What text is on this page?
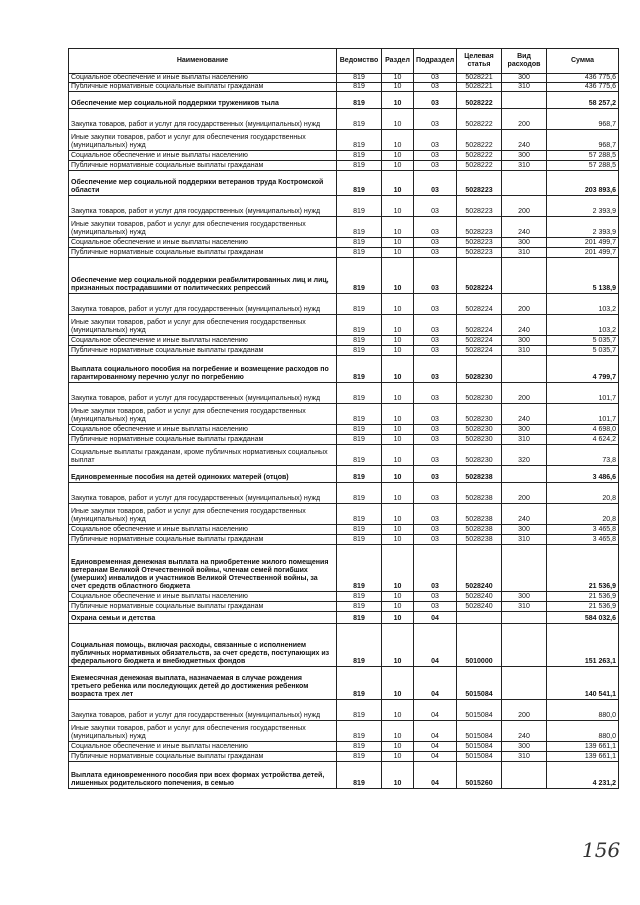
Наименование	Ведомство	Раздел	Подраздел	Целевая статья	Вид расходов	Сумма
Социальное обеспечение и иные выплаты населению	819	10	03	5028221	300	436 775,6
Публичные нормативные социальные выплаты гражданам	819	10	03	5028221	310	436 775,6
Обеспечение мер социальной поддержки тружеников тыла	819	10	03	5028222		58 257,2
Закупка товаров, работ и услуг для государственных (муниципальных) нужд	819	10	03	5028222	200	968,7
Иные закупки товаров, работ и услуг для обеспечения государственных (муниципальных) нужд	819	10	03	5028222	240	968,7
Социальное обеспечение и иные выплаты населению	819	10	03	5028222	300	57 288,5
Публичные нормативные социальные выплаты гражданам	819	10	03	5028222	310	57 288,5
Обеспечение мер социальной поддержки ветеранов труда Костромской области	819	10	03	5028223		203 893,6
Закупка товаров, работ и услуг для государственных (муниципальных) нужд	819	10	03	5028223	200	2 393,9
Иные закупки товаров, работ и услуг для обеспечения государственных (муниципальных) нужд	819	10	03	5028223	240	2 393,9
Социальное обеспечение и иные выплаты населению	819	10	03	5028223	300	201 499,7
Публичные нормативные социальные выплаты гражданам	819	10	03	5028223	310	201 499,7
Обеспечение мер социальной поддержки реабилитированных лиц и лиц, признанных пострадавшими от политических репрессий	819	10	03	5028224		5 138,9
Закупка товаров, работ и услуг для государственных (муниципальных) нужд	819	10	03	5028224	200	103,2
Иные закупки товаров, работ и услуг для обеспечения государственных (муниципальных) нужд	819	10	03	5028224	240	103,2
Социальное обеспечение и иные выплаты населению	819	10	03	5028224	300	5 035,7
Публичные нормативные социальные выплаты гражданам	819	10	03	5028224	310	5 035,7
Выплата социального пособия на погребение и возмещение расходов по гарантированному перечню услуг по погребению	819	10	03	5028230		4 799,7
Закупка товаров, работ и услуг для государственных (муниципальных) нужд	819	10	03	5028230	200	101,7
Иные закупки товаров, работ и услуг для обеспечения государственных (муниципальных) нужд	819	10	03	5028230	240	101,7
Социальное обеспечение и иные выплаты населению	819	10	03	5028230	300	4 698,0
Публичные нормативные социальные выплаты гражданам	819	10	03	5028230	310	4 624,2
Социальные выплаты гражданам, кроме публичных нормативных социальных выплат	819	10	03	5028230	320	73,8
Единовременные пособия на детей одиноких матерей (отцов)	819	10	03	5028238		3 486,6
Закупка товаров, работ и услуг для государственных (муниципальных) нужд	819	10	03	5028238	200	20,8
Иные закупки товаров, работ и услуг для обеспечения государственных (муниципальных) нужд	819	10	03	5028238	240	20,8
Социальное обеспечение и иные выплаты населению	819	10	03	5028238	300	3 465,8
Публичные нормативные социальные выплаты гражданам	819	10	03	5028238	310	3 465,8
Единовременная денежная выплата на приобретение жилого помещения ветеранам Великой Отечественной войны, членам семей погибших (умерших) инвалидов и участников Великой Отечественной войны, за счет средств областного бюджета	819	10	03	5028240		21 536,9
Социальное обеспечение и иные выплаты населению	819	10	03	5028240	300	21 536,9
Публичные нормативные социальные выплаты гражданам	819	10	03	5028240	310	21 536,9
Охрана семьи и детства	819	10	04			584 032,6
Социальная помощь, включая расходы, связанные с исполнением публичных нормативных обязательств, за счет средств, поступающих из федерального бюджета и внебюджетных фондов	819	10	04	5010000		151 263,1
Ежемесячная денежная выплата, назначаемая в случае рождения третьего ребенка или последующих детей до достижения ребенком возраста трех лет	819	10	04	5015084		140 541,1
Закупка товаров, работ и услуг для государственных (муниципальных) нужд	819	10	04	5015084	200	880,0
Иные закупки товаров, работ и услуг для обеспечения государственных (муниципальных) нужд	819	10	04	5015084	240	880,0
Социальное обеспечение и иные выплаты населению	819	10	04	5015084	300	139 661,1
Публичные нормативные социальные выплаты гражданам	819	10	04	5015084	310	139 661,1
Выплата единовременного пособия при всех формах устройства детей, лишенных родительского попечения, в семью	819	10	04	5015260		4 231,2
156
